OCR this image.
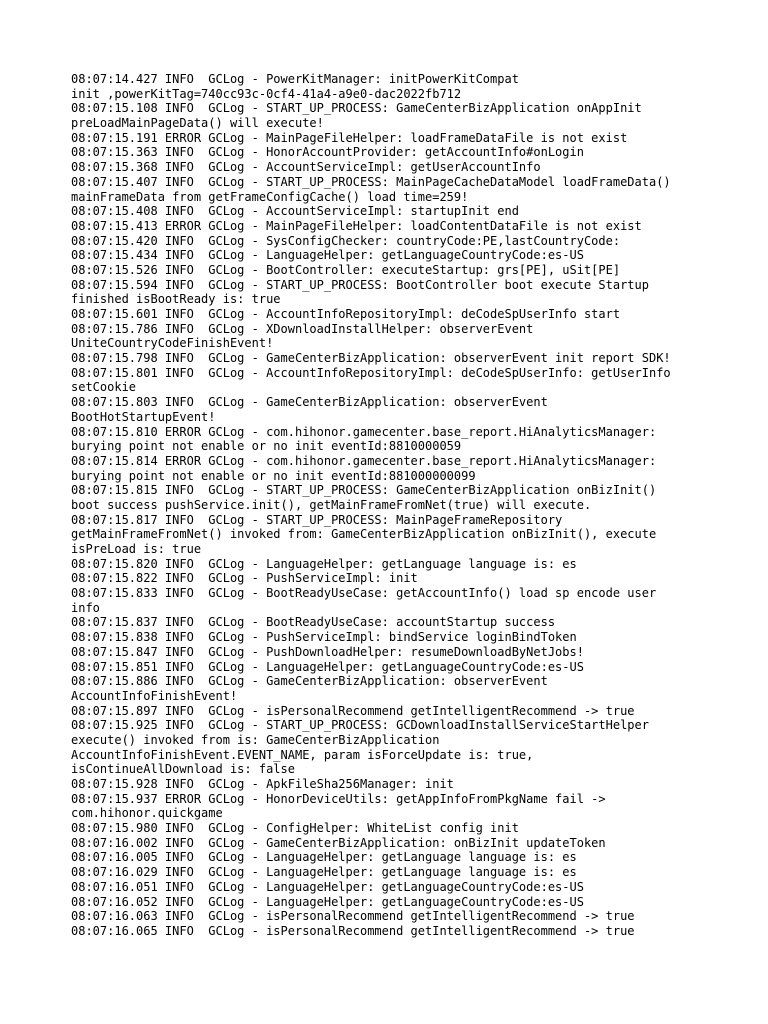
08:07:14.427 INFO  GCLog - PowerKitManager: initPowerKitCompat
init ,powerKitTag=740cc93c-0cf4-41a4-a9e0-dac2022fb712
08:07:15.108 INFO  GCLog - START_UP_PROCESS: GameCenterBizApplication onAppInit
preLoadMainPageData() will execute!
08:07:15.191 ERROR GCLog - MainPageFileHelper: loadFrameDataFile is not exist
08:07:15.363 INFO  GCLog - HonorAccountProvider: getAccountInfo#onLogin
08:07:15.368 INFO  GCLog - AccountServiceImpl: getUserAccountInfo
08:07:15.407 INFO  GCLog - START_UP_PROCESS: MainPageCacheDataModel loadFrameData()
mainFrameData from getFrameConfigCache() load time=259!
08:07:15.408 INFO  GCLog - AccountServiceImpl: startupInit end
08:07:15.413 ERROR GCLog - MainPageFileHelper: loadContentDataFile is not exist
08:07:15.420 INFO  GCLog - SysConfigChecker: countryCode:PE,lastCountryCode:
08:07:15.434 INFO  GCLog - LanguageHelper: getLanguageCountryCode:es-US
08:07:15.526 INFO  GCLog - BootController: executeStartup: grs[PE], uSit[PE]
08:07:15.594 INFO  GCLog - START_UP_PROCESS: BootController boot execute Startup
finished isBootReady is: true
08:07:15.601 INFO  GCLog - AccountInfoRepositoryImpl: deCodeSpUserInfo start
08:07:15.786 INFO  GCLog - XDownloadInstallHelper: observerEvent
UniteCountryCodeFinishEvent!
08:07:15.798 INFO  GCLog - GameCenterBizApplication: observerEvent init report SDK!
08:07:15.801 INFO  GCLog - AccountInfoRepositoryImpl: deCodeSpUserInfo: getUserInfo
setCookie
08:07:15.803 INFO  GCLog - GameCenterBizApplication: observerEvent
BootHotStartupEvent!
08:07:15.810 ERROR GCLog - com.hihonor.gamecenter.base_report.HiAnalyticsManager:
burying point not enable or no init eventId:8810000059
08:07:15.814 ERROR GCLog - com.hihonor.gamecenter.base_report.HiAnalyticsManager:
burying point not enable or no init eventId:881000000099
08:07:15.815 INFO  GCLog - START_UP_PROCESS: GameCenterBizApplication onBizInit()
boot success pushService.init(), getMainFrameFromNet(true) will execute.
08:07:15.817 INFO  GCLog - START_UP_PROCESS: MainPageFrameRepository
getMainFrameFromNet() invoked from: GameCenterBizApplication onBizInit(), execute
isPreLoad is: true
08:07:15.820 INFO  GCLog - LanguageHelper: getLanguage language is: es
08:07:15.822 INFO  GCLog - PushServiceImpl: init
08:07:15.833 INFO  GCLog - BootReadyUseCase: getAccountInfo() load sp encode user
info
08:07:15.837 INFO  GCLog - BootReadyUseCase: accountStartup success
08:07:15.838 INFO  GCLog - PushServiceImpl: bindService loginBindToken
08:07:15.847 INFO  GCLog - PushDownloadHelper: resumeDownloadByNetJobs!
08:07:15.851 INFO  GCLog - LanguageHelper: getLanguageCountryCode:es-US
08:07:15.886 INFO  GCLog - GameCenterBizApplication: observerEvent
AccountInfoFinishEvent!
08:07:15.897 INFO  GCLog - isPersonalRecommend getIntelligentRecommend -> true
08:07:15.925 INFO  GCLog - START_UP_PROCESS: GCDownloadInstallServiceStartHelper
execute() invoked from is: GameCenterBizApplication
AccountInfoFinishEvent.EVENT_NAME, param isForceUpdate is: true,
isContinueAllDownload is: false
08:07:15.928 INFO  GCLog - ApkFileSha256Manager: init
08:07:15.937 ERROR GCLog - HonorDeviceUtils: getAppInfoFromPkgName fail ->
com.hihonor.quickgame
08:07:15.980 INFO  GCLog - ConfigHelper: WhiteList config init
08:07:16.002 INFO  GCLog - GameCenterBizApplication: onBizInit updateToken
08:07:16.005 INFO  GCLog - LanguageHelper: getLanguage language is: es
08:07:16.029 INFO  GCLog - LanguageHelper: getLanguage language is: es
08:07:16.051 INFO  GCLog - LanguageHelper: getLanguageCountryCode:es-US
08:07:16.052 INFO  GCLog - LanguageHelper: getLanguageCountryCode:es-US
08:07:16.063 INFO  GCLog - isPersonalRecommend getIntelligentRecommend -> true
08:07:16.065 INFO  GCLog - isPersonalRecommend getIntelligentRecommend -> true
